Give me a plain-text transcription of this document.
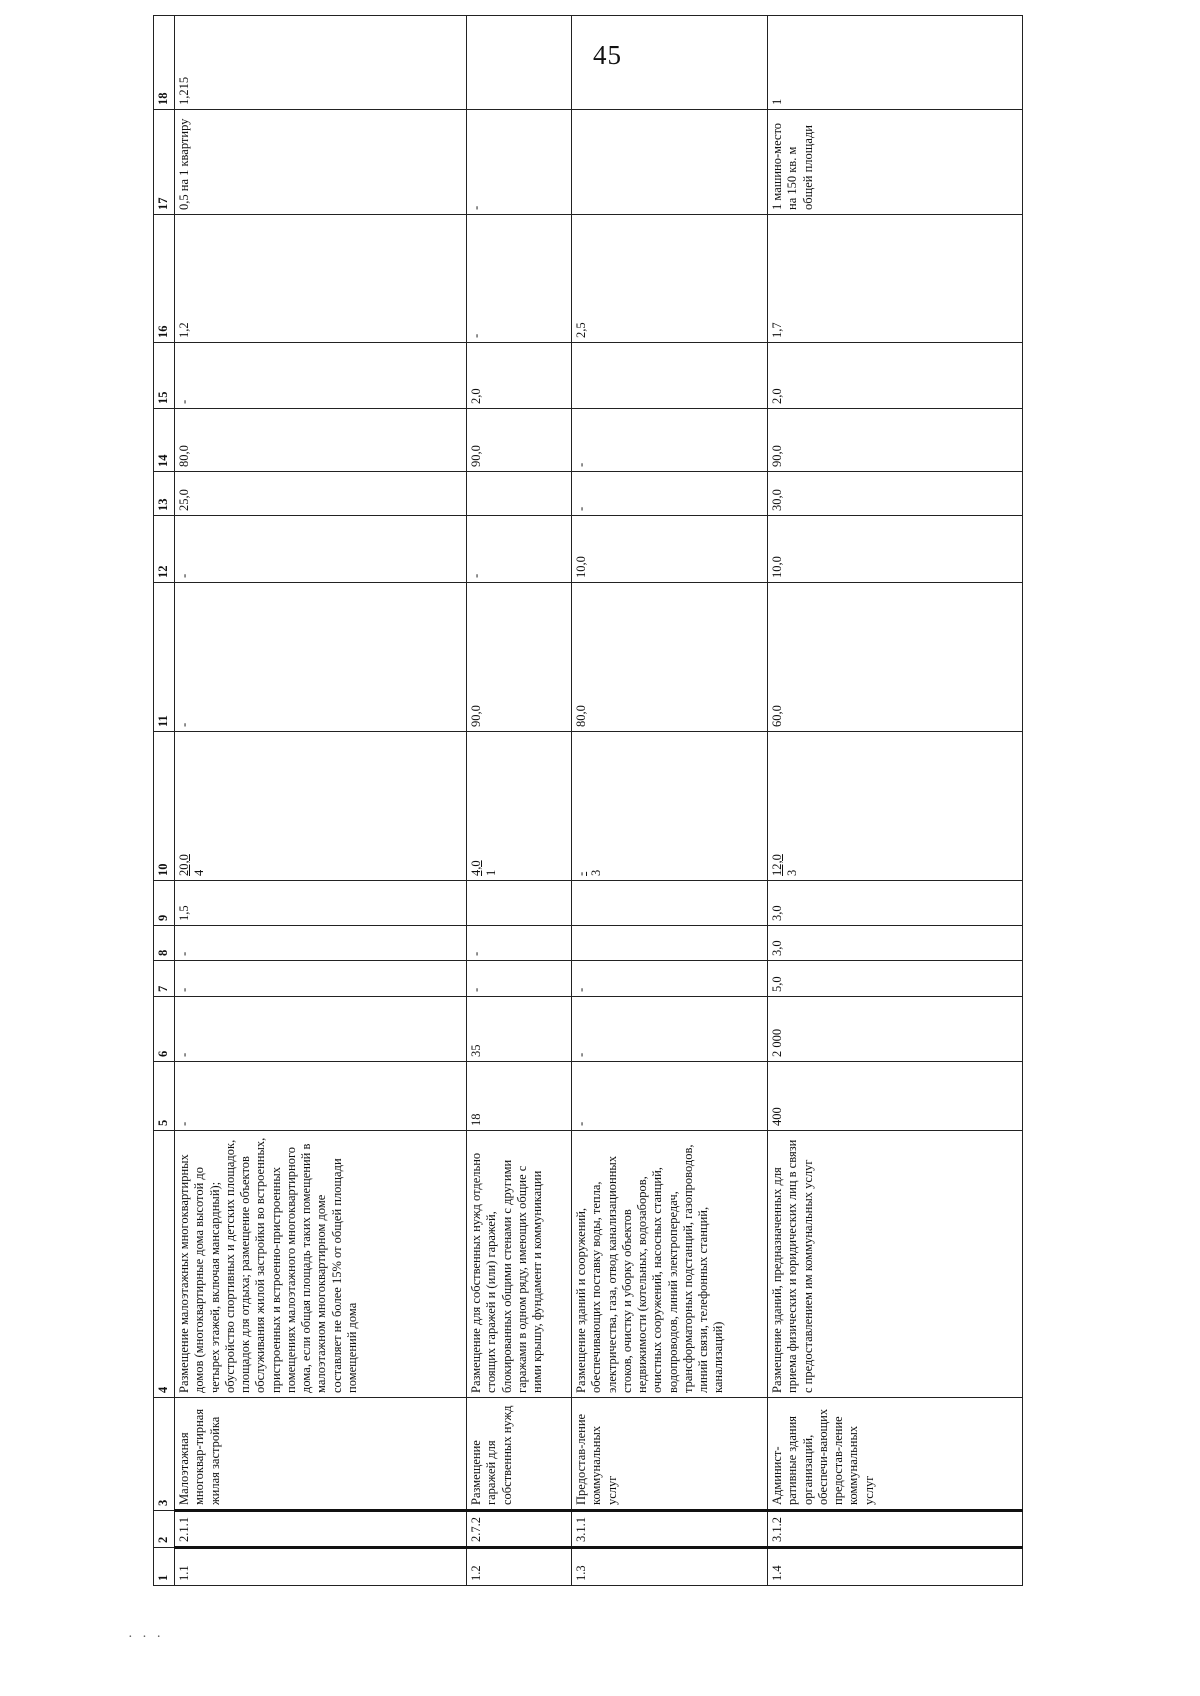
45
1	2	3	4	5	6	7	8	9	10	11	12	13	14	15	16	17	18
1.1	2.1.1	Малоэтажная многоквар-тирная жилая застройка	Размещение малоэтажных многоквартирных домов (многоквартирные дома высотой до четырех этажей, включая мансардный); обустройство спортивных и детских площадок, площадок для отдыха; размещение объектов обслуживания жилой застройки во встроенных, пристроенных и встроенно-пристроенных помещениях малоэтажного многоквартирного дома, если общая площадь таких помещений в малоэтажном многоквартирном доме составляет не более 15% от общей площади помещений дома	-	-	-	-	1,5	20,0 4	-	-	25,0	80,0	-	1,2	0,5 на 1 квартиру	1,215
1.2	2.7.2	Размещение гаражей для собственных нужд	Размещение для собственных нужд отдельно стоящих гаражей и (или) гаражей, блокированных общими стенами с другими гаражами в одном ряду, имеющих общие с ними крышу, фундамент и коммуникации	18	35	-	-		4,0 1	90,0	-		90,0	2,0	-	-	
1.3	3.1.1	Предостав-ление коммунальных услуг	Размещение зданий и сооружений, обеспечивающих поставку воды, тепла, электричества, газа, отвод канализационных стоков, очистку и уборку объектов недвижимости (котельных, водозаборов, очистных сооружений, насосных станций, водопроводов, линий электропередач, трансформаторных подстанций, газопроводов, линий связи, телефонных станций, канализаций)	-	-	-			- 3	80,0	10,0	-	-		2,5		
1.4	3.1.2	Админист-ративные здания организаций, обеспечи-вающих предостав-ление коммунальных услуг	Размещение зданий, предназначенных для приема физических и юридических лиц в связи с предоставлением им коммунальных услуг	400	2 000	5,0	3,0	3,0	12,0 3	60,0	10,0	30,0	90,0	2,0	1,7	1 машино-место на 150 кв. м общей площади	1
· · ·
